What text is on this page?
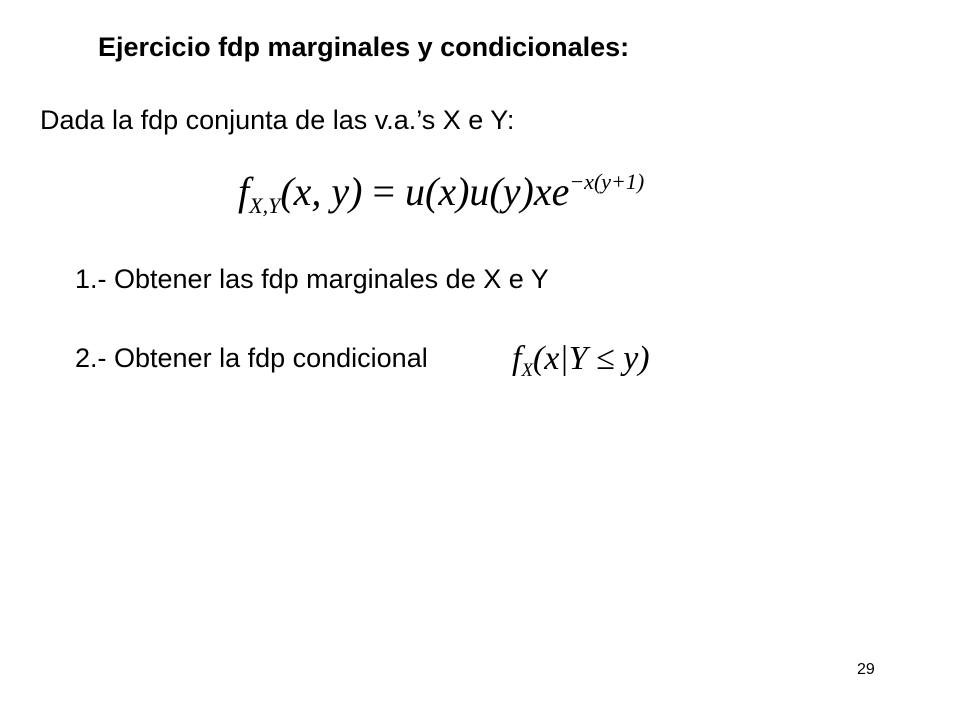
Ejercicio fdp marginales y condicionales:
Dada la fdp conjunta de las v.a.’s X e Y:
fX,Y(x, $y) = u(x)u(y)xe^{-x(y+1)}$
1.- Obtener las fdp marginales de X e Y
2.- Obtener la fdp condicional fX(x|Y ≤ y)
29
